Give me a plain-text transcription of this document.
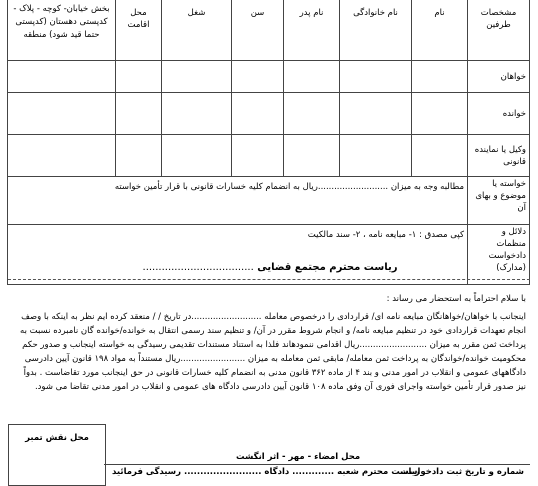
مشخصات طرفین	نام	نام خانوادگی	نام پدر	سن	شغل	محل اقامت	بخش خیابان- کوچه - پلاک - کدپستی دهستان (کدپستی حتما قید شود) منطقه
خواهان							
خوانده							
وکیل یا نماینده قانونی							
خواسته یا موضوع و بهای آن	مطالبه وجه به میزان ..........................ریال به انضمام کلیه خسارات قانونی با قرار تأمین خواسته						
دلائل و منظمات دادخواست (مدارک)	کپی مصدق : ۱- مبایعه نامه ، ۲- سند مالکیت						
ریاست محترم مجتمع قضایی ...................................
با سلام احتراماً به استحضار می رساند :
اینجانب با خواهان/خواهانگان مبایعه نامه ای/ قراردادی را درخصوص معامله ..........................در تاریخ / / منعقد کرده ایم نظر به اینکه با وصف
انجام تعهدات قراردادی خود در تنظیم مبایعه نامه/ و انجام شروط مقرر در آن/ و تنظیم سند رسمی انتقال به خوانده/خوانده گان نامبرده نسبت به
پرداخت ثمن مقرر به میزان .........................ریال اقدامی ننمودهاند فلذا به استناد مستندات تقدیمی رسیدگی به خواسته اینجانب و صدور حکم
محکومیت خوانده/خواندگان به پرداخت ثمن معامله/ مابقی ثمن معامله به میزان ........................ریال مستنداً به مواد ۱۹۸ قانون آیین دادرسی
دادگاههای عمومی و انقلاب در امور مدنی و بند ۴ از ماده ۳۶۲ قانون مدنی به انضمام کلیه خسارات قانونی در حق اینجانب مورد تقاضاست . بدواً
نیز صدور قرار تأمین خواسته واجرای فوری آن وفق ماده ۱۰۸ قانون آیین دادرسی دادگاه های عمومی و انقلاب در امور مدنی تقاضا می شود.
محل نقش تمبر
محل امضاء - مهر - اثر انگشت
شماره و تاریخ ثبت دادخواست
ریاست محترم شعبه ............. دادگاه ........................ رسیدگی فرمائید
